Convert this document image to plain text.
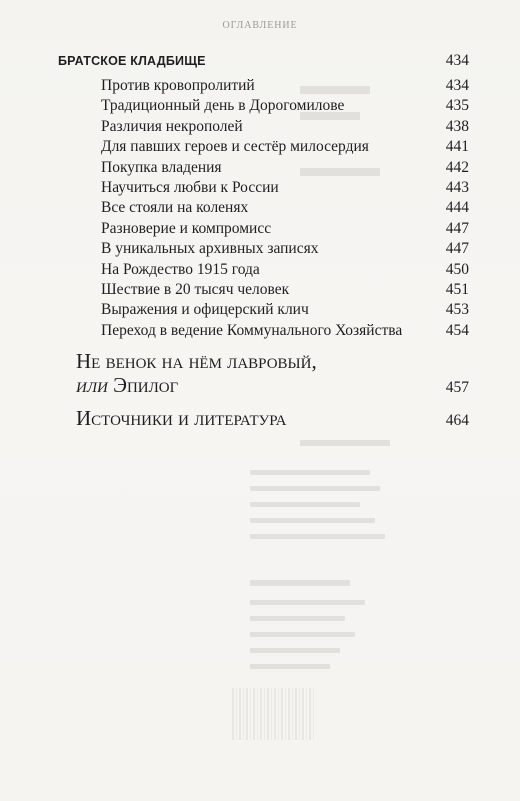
ОГЛАВЛЕНИЕ
БРАТСКОЕ КЛАДБИЩЕ	434
Против кровопролитий	434
Традиционный день в Дорогомилове	435
Различия некрополей	438
Для павших героев и сестёр милосердия	441
Покупка владения	442
Научиться любви к России	443
Все стояли на коленях	444
Разноверие и компромисс	447
В уникальных архивных записях	447
На Рождество 1915 года	450
Шествие в 20 тысяч человек	451
Выражения и офицерский клич	453
Переход в ведение Коммунального Хозяйства	454
Не венок на нём лавровый,
или Эпилог	457
Источники и литература	464
